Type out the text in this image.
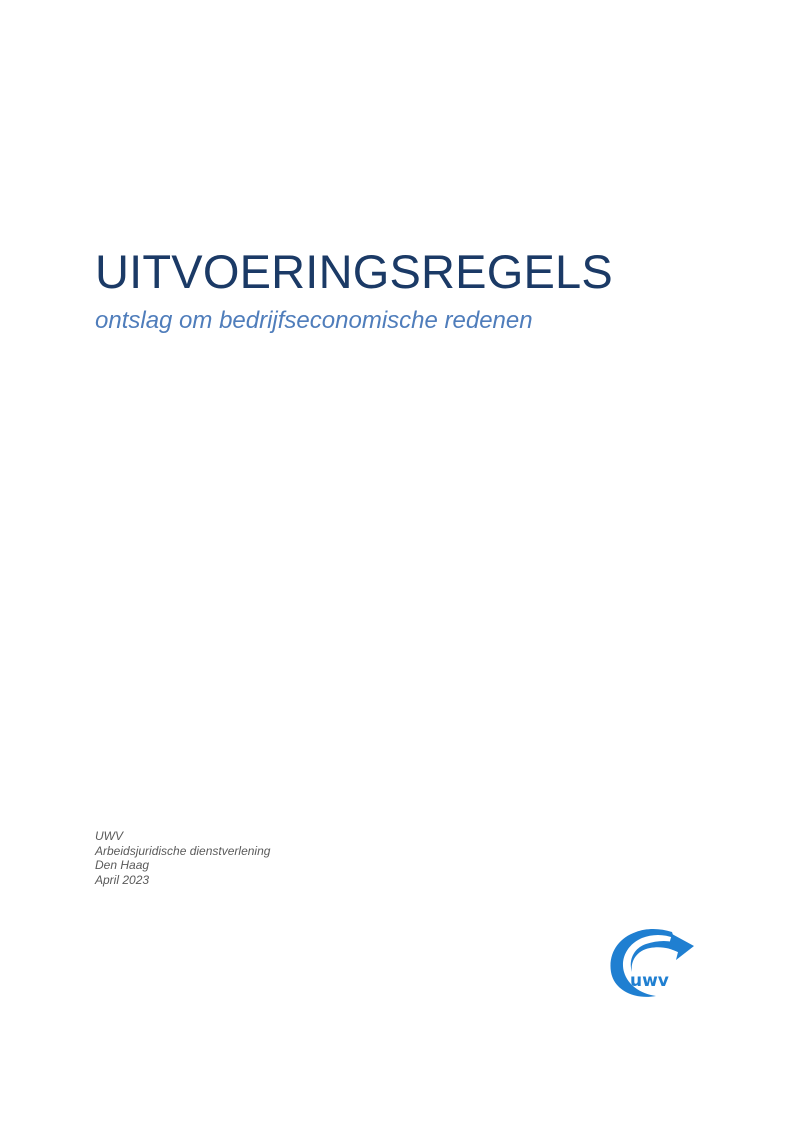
UITVOERINGSREGELS
ontslag om bedrijfseconomische redenen
UWV
Arbeidsjuridische dienstverlening
Den Haag
April 2023
uwv
